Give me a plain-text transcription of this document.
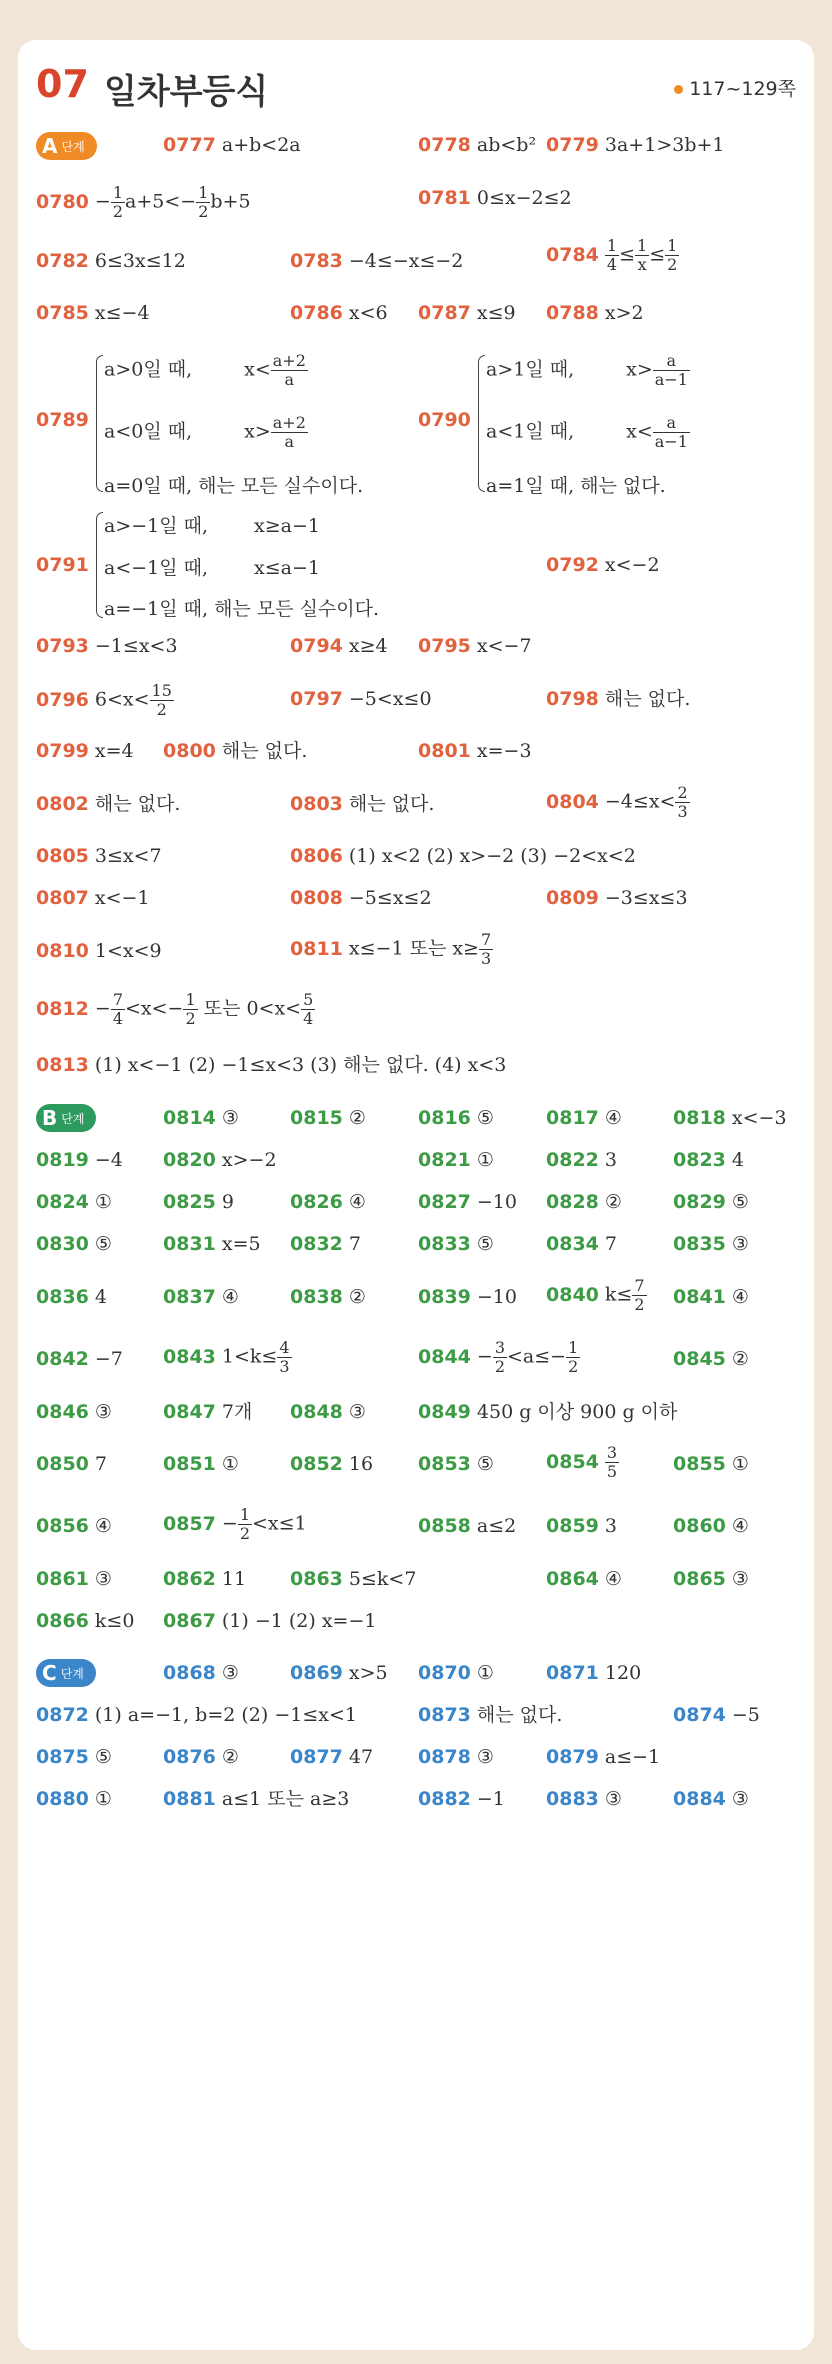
07 일차부등식	117~129쪽
A 단계	0777 a+b<2a	0778 ab<b² 0779 3a+1>3b+1
$0780 - \frac{1}{2} a+5<- \frac{1}{2} b+5$	0781 0≤x−2≤2
0782 6≤3x≤12	0783 −4≤−x≤−2	$0784 \frac{1}{4} \le \frac{1}{x} \le \frac{1}{2}$
0785 x≤−4	0786 x<6 0787 x≤9 0788 x>2
0789
a>0일 때,	$x< \frac{a+2}{a}$
a<0일 때,	$x> \frac{a+2}{a}$
a=0일 때, 해는 모든 실수이다.
0790
a>1일 때,	$x> \frac{a}{a-1}$
a<1일 때,	$x< \frac{a}{a-1}$
a=1일 때, 해는 없다.
0791
a>−1일 때, x≥a−1
a<−1일 때, x≤a−1
a=−1일 때, 해는 모든 실수이다.
0792 x<−2
0793 −1≤x<3	0794 x≥4 0795 x<−7
0796 $6<x< \frac{15}{2}$	0797 −5<x≤0	0798 해는 없다.
0799 x=4 0800 해는 없다.	0801 x=−3
0802 해는 없다.	0803 해는 없다.	$0804 -4\le x< \frac{2}{3}$
0805 3≤x<7	0806 (1) x<2 (2) x>−2 (3) −2<x<2
0807 x<−1	0808 −5≤x≤2	0809 −3≤x≤3
0810 1<x<9	0811 x≤−1 또는 $x\ge \frac{7}{3}$
$0812 - \frac{7}{4} <x<- \frac{1}{2}$ 또는 $0<x< \frac{5}{4}$
0813 (1) x<−1 (2) −1≤x<3 (3) 해는 없다. (4) x<3
B 단계	0814 ③	0815 ②	0816 ⑤	0817 ④	0818 x<−3
0819 −4 0820 x>−2	0821 ①	0822 3	0823 4
0824 ①	0825 9	0826 ④	0827 −10 0828 ②	0829 ⑤
0830 ⑤	0831 x=5 0832 7	0833 ⑤	0834 7	0835 ③
0836 4	0837 ④	0838 ②	0839 −10 0840 $k\le \frac{7}{2} 0841$ ④
0842 −7 0843 $1<k\le \frac{4}{3}$	$0844 - \frac{3}{2} <a\le- \frac{1}{2}$	0845 ②
0846 ③	0847 7개 0848 ③	0849 450 g 이상 900 g 이하
0850 7	0851 ①	0852 16 0853 ⑤	$0854 \frac{3}{5}$	0855 ①
0856 ④	$0857 - \frac{1}{2} <x\le 1$	0858 a≤2 0859 3	0860 ④
0861 ③	0862 11 0863 5≤k<7	0864 ④	0865 ③
0866 k≤0 0867 (1) −1 (2) x=−1
C 단계	0868 ③	0869 x>5 0870 ①	0871 120
0872 (1) a=−1, b=2 (2) −1≤x<1	0873 해는 없다.	0874 −5
0875 ⑤	0876 ②	0877 47 0878 ③	0879 a≤−1
0880 ①	0881 a≤1 또는 a≥3	0882 −1 0883 ③	0884 ③
